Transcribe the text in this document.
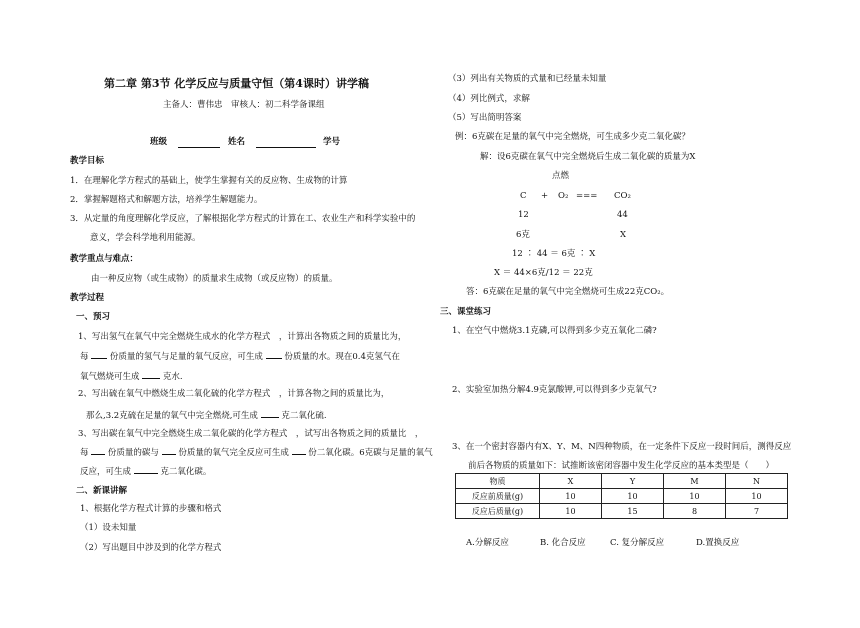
第二章 第3节 化学反应与质量守恒（第4课时）讲学稿
主备人：曹伟忠　审核人：初二科学备课组
班级	姓名	学号
教学目标
1．在理解化学方程式的基础上，使学生掌握有关的反应物、生成物的计算
2．掌握解题格式和解题方法，培养学生解题能力。
3．从定量的角度理解化学反应，了解根据化学方程式的计算在工、农业生产和科学实验中的
意义，学会科学地利用能源。
教学重点与难点：
由一种反应物（或生成物）的质量求生成物（或反应物）的质量。
教学过程
一、预习
1、写出氢气在氧气中完全燃烧生成水的化学方程式　，计算出各物质之间的质量比为，
每	份质量的氢气与足量的氧气反应，可生成	份质量的水。现在0.4克氢气在
氧气燃烧可生成	克水.
2、写出硫在氧气中燃烧生成二氧化硫的化学方程式　，计算各物之间的质量比为，
那么,3.2克硫在足量的氧气中完全燃烧,可生成	克二氧化硫.
3、写出碳在氧气中完全燃烧生成二氧化碳的化学方程式　，试写出各物质之间的质量比　，
每 份质量的碳与 份质量的氧气完全反应可生成 份二氧化碳。6克碳与足量的氧气
反应，可生成	克二氧化碳。
二、新课讲解
1、根据化学方程式计算的步骤和格式
（1）设未知量
（2）写出题目中涉及到的化学方程式
（3）列出有关物质的式量和已经量未知量
（4）列比例式，求解
（5）写出简明答案
例：6克碳在足量的氧气中完全燃烧，可生成多少克二氧化碳？
解：设6克碳在氧气中完全燃烧后生成二氧化碳的质量为X
点燃
C + O₂ === CO₂
12	44
6克	X
12 ∶ 44 ＝ 6克 ∶ X
X ＝ 44×6克/12 ＝ 22克
答：6克碳在足量的氧气中完全燃烧可生成22克CO₂。
三、课堂练习
1、在空气中燃烧3.1克磷,可以得到多少克五氧化二磷?
2、实验室加热分解4.9克氯酸钾,可以得到多少克氧气?
3、在一个密封容器内有X、Y、M、N四种物质，在一定条件下反应一段时间后，测得反应
前后各物质的质量如下：试推断该密闭容器中发生化学反应的基本类型是（　　）
物质	X	Y	M	N
反应前质量(g)	10	10	10	10
反应后质量(g)	10	15	8	7
A.分解反应	B. 化合反应	C. 复分解反应	D.置换反应
